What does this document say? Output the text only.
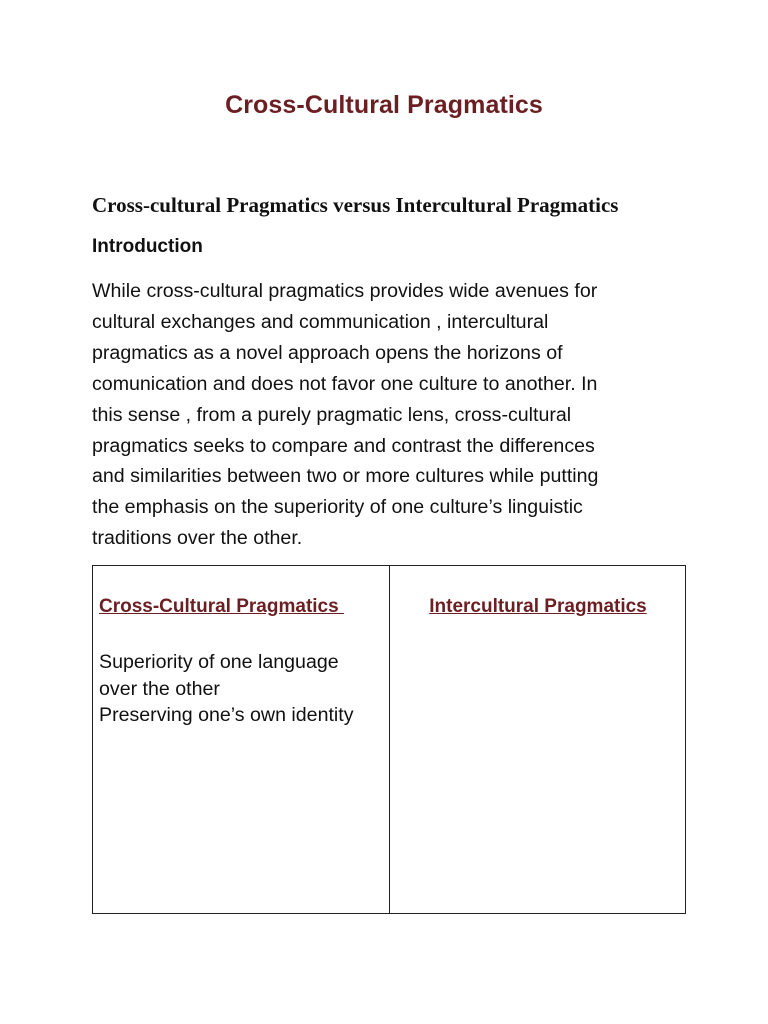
Cross-Cultural Pragmatics
Cross-cultural Pragmatics versus Intercultural Pragmatics
Introduction
While cross-cultural pragmatics provides wide avenues for
cultural exchanges and communication , intercultural
pragmatics as a novel approach opens the horizons of
comunication and does not favor one culture to another. In
this sense , from a purely pragmatic lens, cross-cultural
pragmatics seeks to compare and contrast the differences
and similarities between two or more cultures while putting
the emphasis on the superiority of one culture’s linguistic
traditions over the other.
Cross-Cultural Pragmatics
Superiority of one language
over the other
Preserving one’s own identity
Intercultural Pragmatics
